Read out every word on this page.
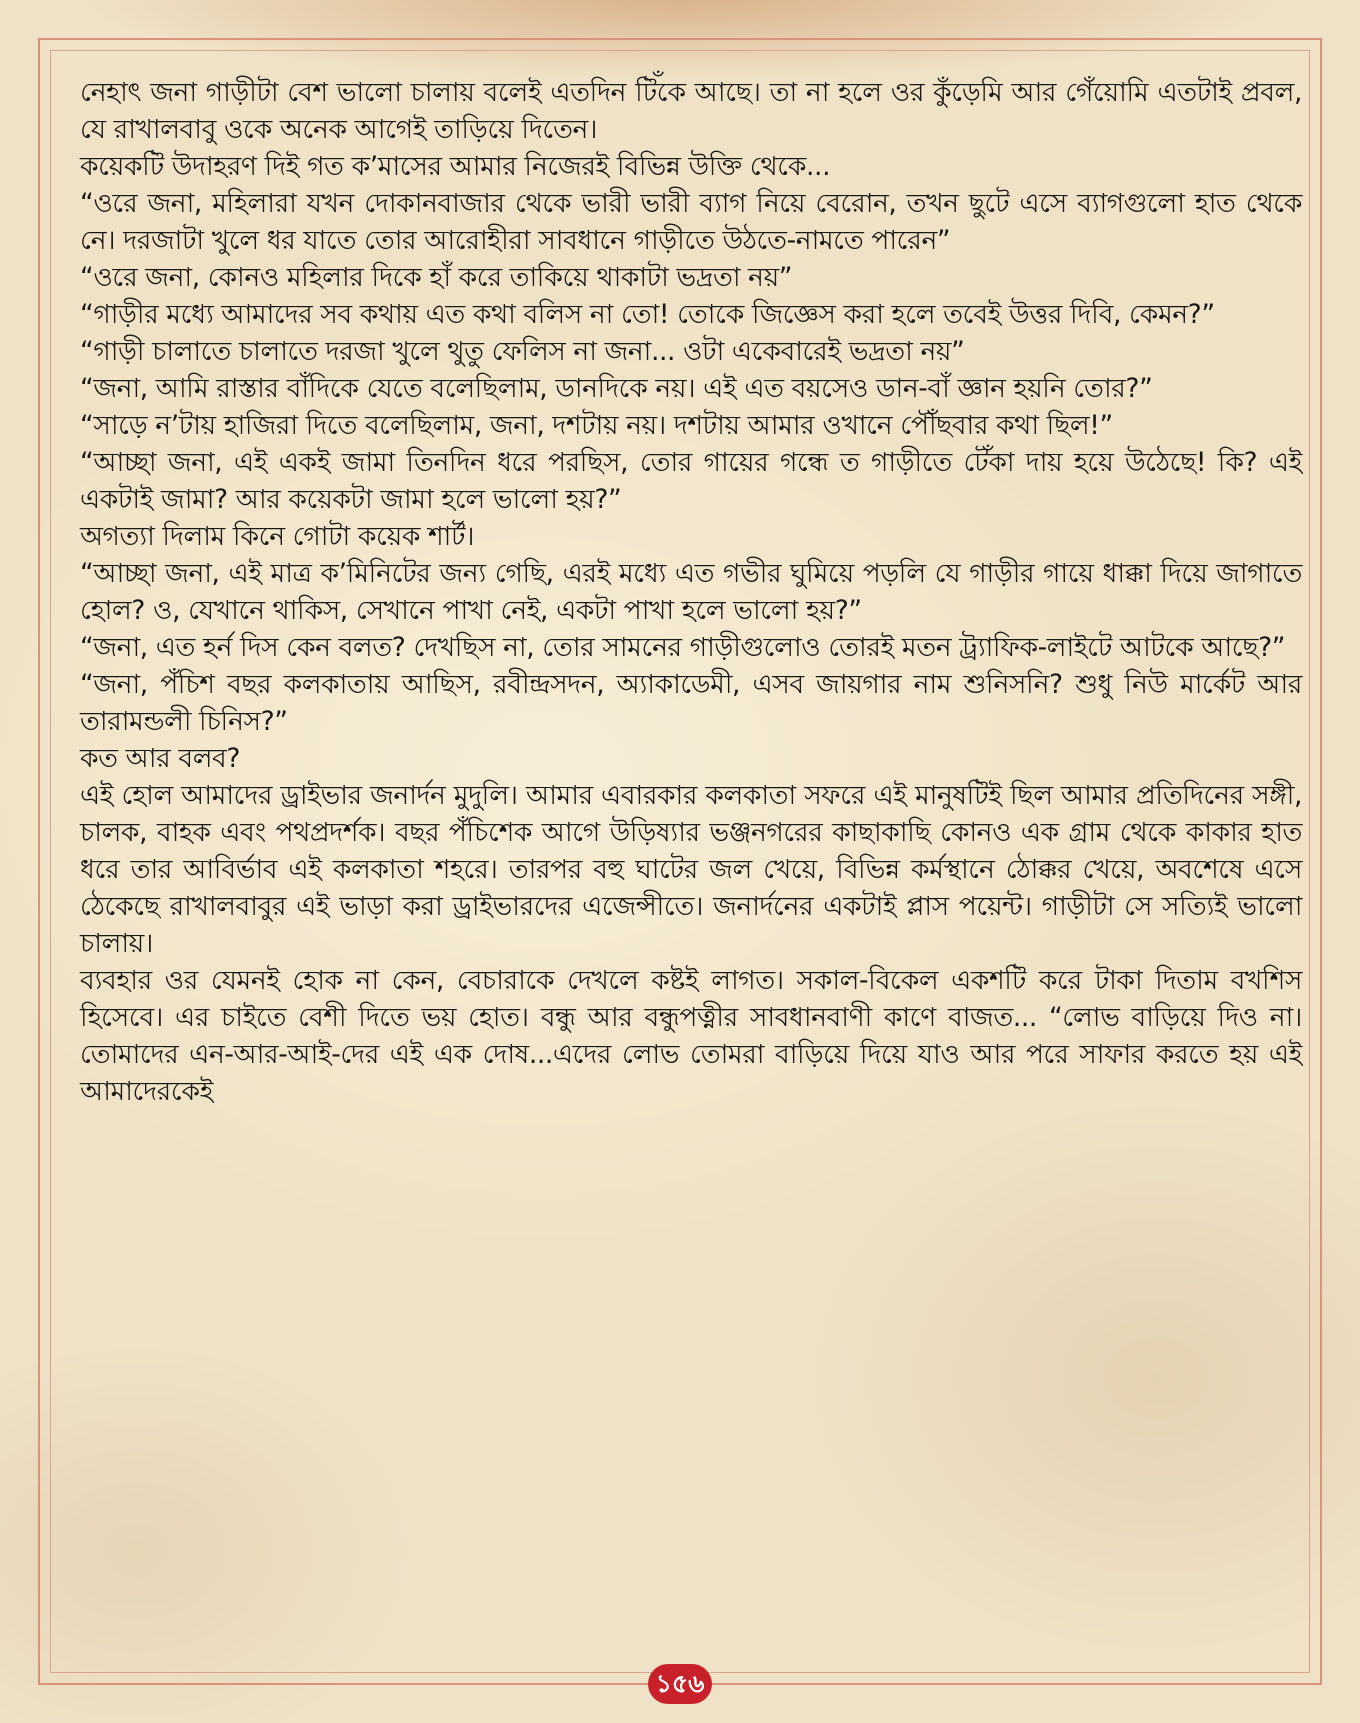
নেহাৎ জনা গাড়ীটা বেশ ভালো চালায় বলেই এতদিন টিঁকে আছে। তা না হলে ওর কুঁড়েমি আর গেঁয়োমি এতটাই প্রবল, যে রাখালবাবু ওকে অনেক আগেই তাড়িয়ে দিতেন।

কয়েকটি উদাহরণ দিই গত ক’মাসের আমার নিজেরই বিভিন্ন উক্তি থেকে...

“ওরে জনা, মহিলারা যখন দোকানবাজার থেকে ভারী ভারী ব্যাগ নিয়ে বেরোন, তখন ছুটে এসে ব্যাগগুলো হাত থেকে নে। দরজাটা খুলে ধর যাতে তোর আরোহীরা সাবধানে গাড়ীতে উঠতে-নামতে পারেন”

“ওরে জনা, কোনও মহিলার দিকে হাঁ করে তাকিয়ে থাকাটা ভদ্রতা নয়”

“গাড়ীর মধ্যে আমাদের সব কথায় এত কথা বলিস না তো! তোকে জিজ্ঞেস করা হলে তবেই উত্তর দিবি, কেমন?”

“গাড়ী চালাতে চালাতে দরজা খুলে থুতু ফেলিস না জনা... ওটা একেবারেই ভদ্রতা নয়”

“জনা, আমি রাস্তার বাঁদিকে যেতে বলেছিলাম, ডানদিকে নয়। এই এত বয়সেও ডান-বাঁ জ্ঞান হয়নি তোর?”

“সাড়ে ন’টায় হাজিরা দিতে বলেছিলাম, জনা, দশটায় নয়। দশটায় আমার ওখানে পৌঁছবার কথা ছিল!”

“আচ্ছা জনা, এই একই জামা তিনদিন ধরে পরছিস, তোর গায়ের গন্ধে ত গাড়ীতে টেঁকা দায় হয়ে উঠেছে! কি? এই একটাই জামা? আর কয়েকটা জামা হলে ভালো হয়?”

অগত্যা দিলাম কিনে গোটা কয়েক শার্ট।

“আচ্ছা জনা, এই মাত্র ক’মিনিটের জন্য গেছি, এরই মধ্যে এত গভীর ঘুমিয়ে পড়লি যে গাড়ীর গায়ে ধাক্কা দিয়ে জাগাতে হোল? ও, যেখানে থাকিস, সেখানে পাখা নেই, একটা পাখা হলে ভালো হয়?”

“জনা, এত হর্ন দিস কেন বলত? দেখছিস না, তোর সামনের গাড়ীগুলোও তোরই মতন ট্র্যাফিক-লাইটে আটকে আছে?”

“জনা, পঁচিশ বছর কলকাতায় আছিস, রবীন্দ্রসদন, অ্যাকাডেমী, এসব জায়গার নাম শুনিসনি? শুধু নিউ মার্কেট আর তারামন্ডলী চিনিস?”

কত আর বলব?

এই হোল আমাদের ড্রাইভার জনার্দন মুদুলি। আমার এবারকার কলকাতা সফরে এই মানুষটিই ছিল আমার প্রতিদিনের সঙ্গী, চালক, বাহক এবং পথপ্রদর্শক। বছর পঁচিশেক আগে উড়িষ্যার ভঞ্জনগরের কাছাকাছি কোনও এক গ্রাম থেকে কাকার হাত ধরে তার আবির্ভাব এই কলকাতা শহরে। তারপর বহু ঘাটের জল খেয়ে, বিভিন্ন কর্মস্থানে ঠোক্কর খেয়ে, অবশেষে এসে ঠেকেছে রাখালবাবুর এই ভাড়া করা ড্রাইভারদের এজেন্সীতে। জনার্দনের একটাই প্লাস পয়েন্ট। গাড়ীটা সে সত্যিই ভালো চালায়।

ব্যবহার ওর যেমনই হোক না কেন, বেচারাকে দেখলে কষ্টই লাগত। সকাল-বিকেল একশটি করে টাকা দিতাম বখশিস হিসেবে। এর চাইতে বেশী দিতে ভয় হোত। বন্ধু আর বন্ধুপত্নীর সাবধানবাণী কাণে বাজত... “লোভ বাড়িয়ে দিও না। তোমাদের এন-আর-আই-দের এই এক দোষ...এদের লোভ তোমরা বাড়িয়ে দিয়ে যাও আর পরে সাফার করতে হয় এই আমাদেরকেই

১৫৬
